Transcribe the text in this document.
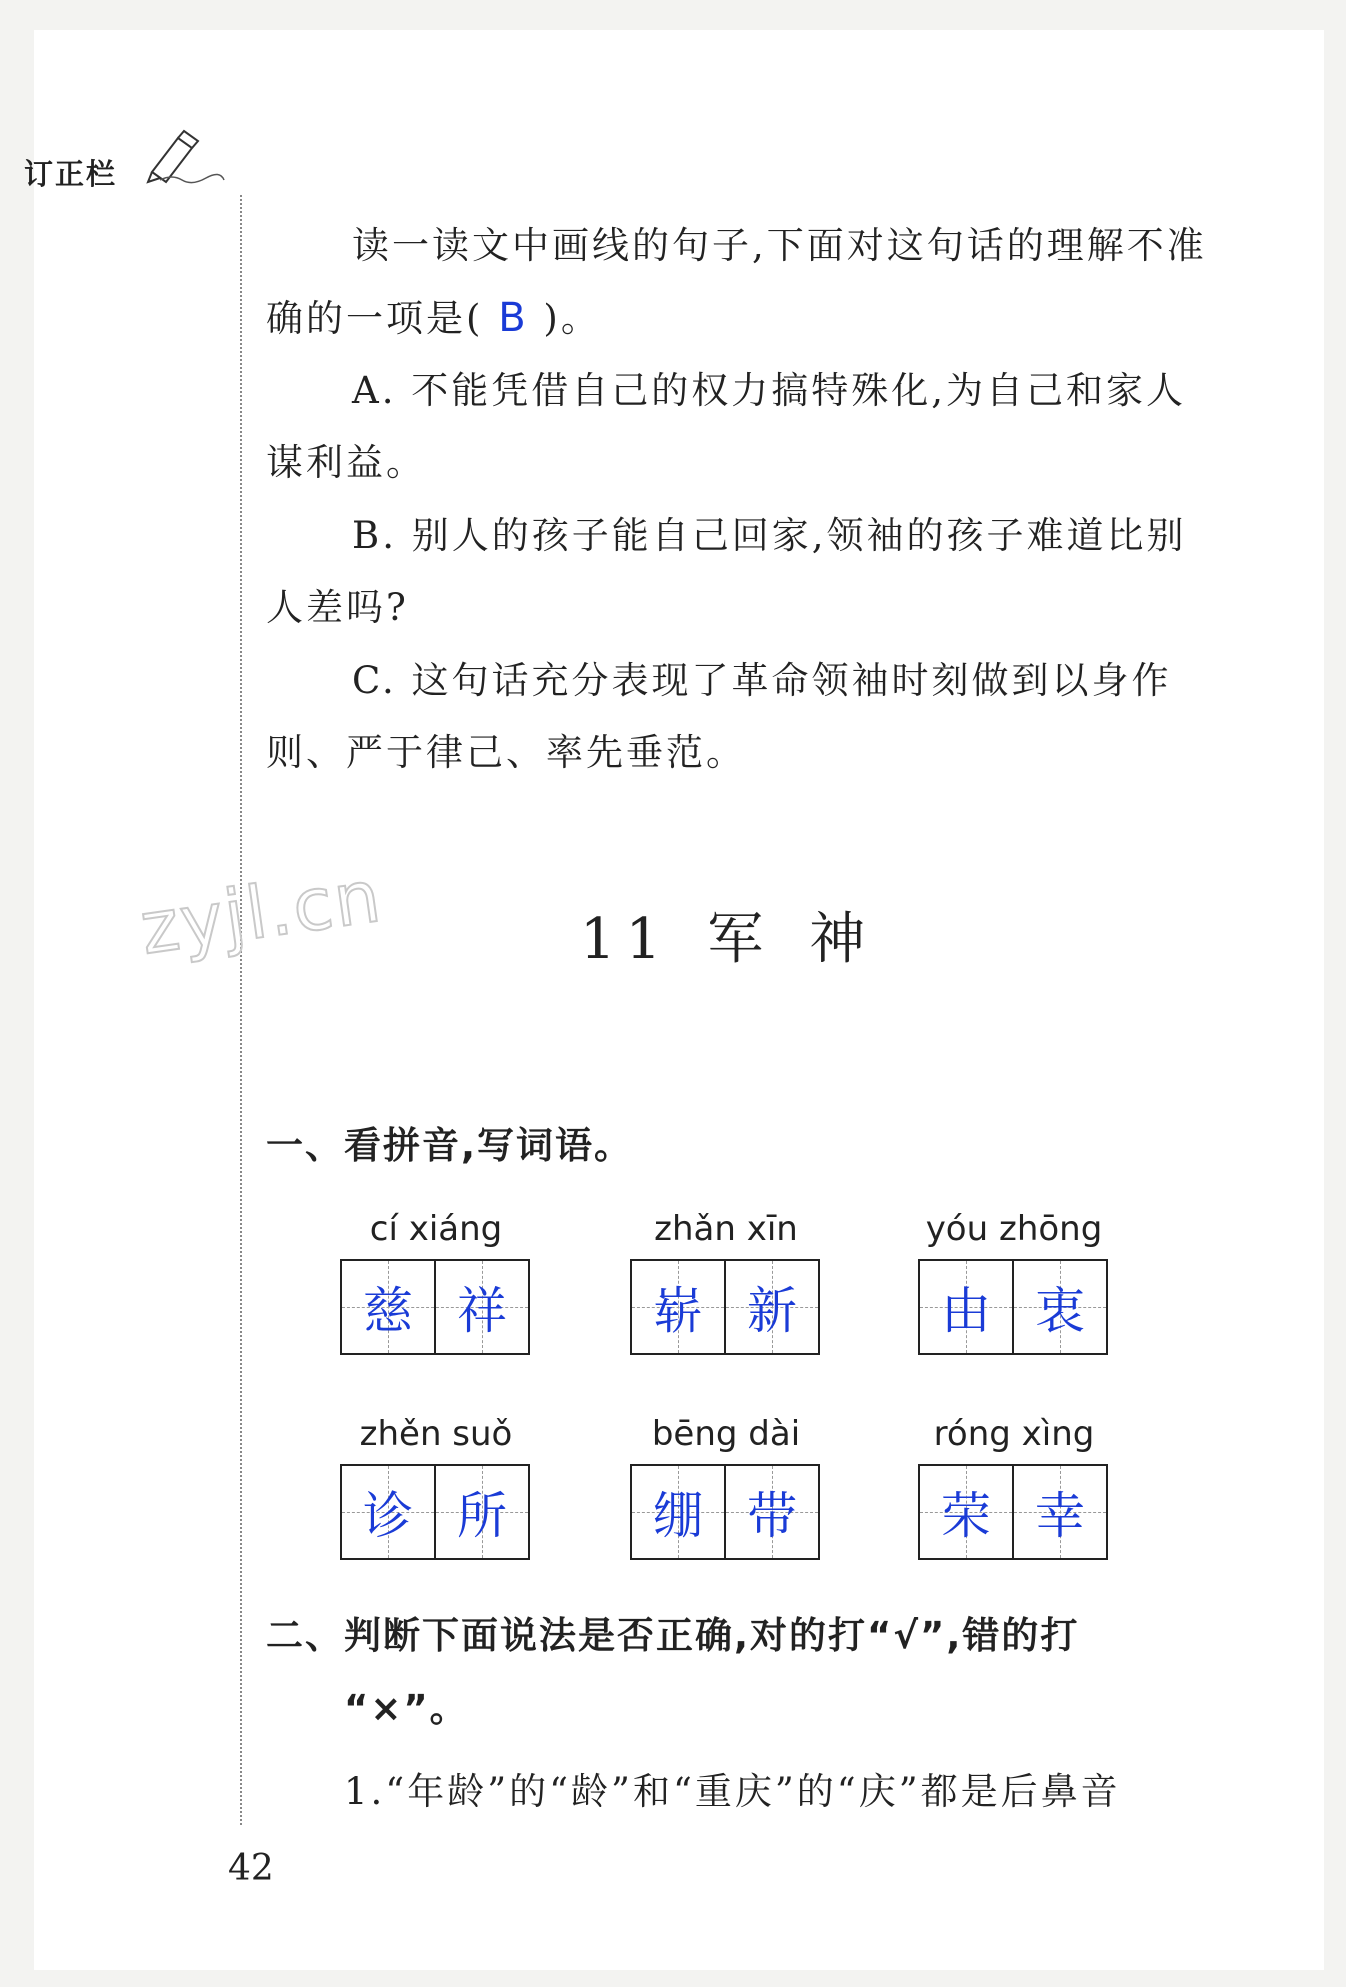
订正栏

读一读文中画线的句子,下面对这句话的理解不准确的一项是( B )。

A. 不能凭借自己的权力搞特殊化,为自己和家人谋利益。

B. 别人的孩子能自己回家,领袖的孩子难道比别人差吗?

C. 这句话充分表现了革命领袖时刻做到以身作则、严于律己、率先垂范。

zyjl.cn	11 军 神
一、看拼音,写词语。
cí xiáng
慈 祥
zhǎn xīn
崭 新
yóu zhōng
由 衷
zhěn suǒ
诊 所
bēng dài
绷 带
róng xìng
荣 幸
二、判断下面说法是否正确,对的打“√”,错的打
“×”。

1.“年龄”的“龄”和“重庆”的“庆”都是后鼻音

42
